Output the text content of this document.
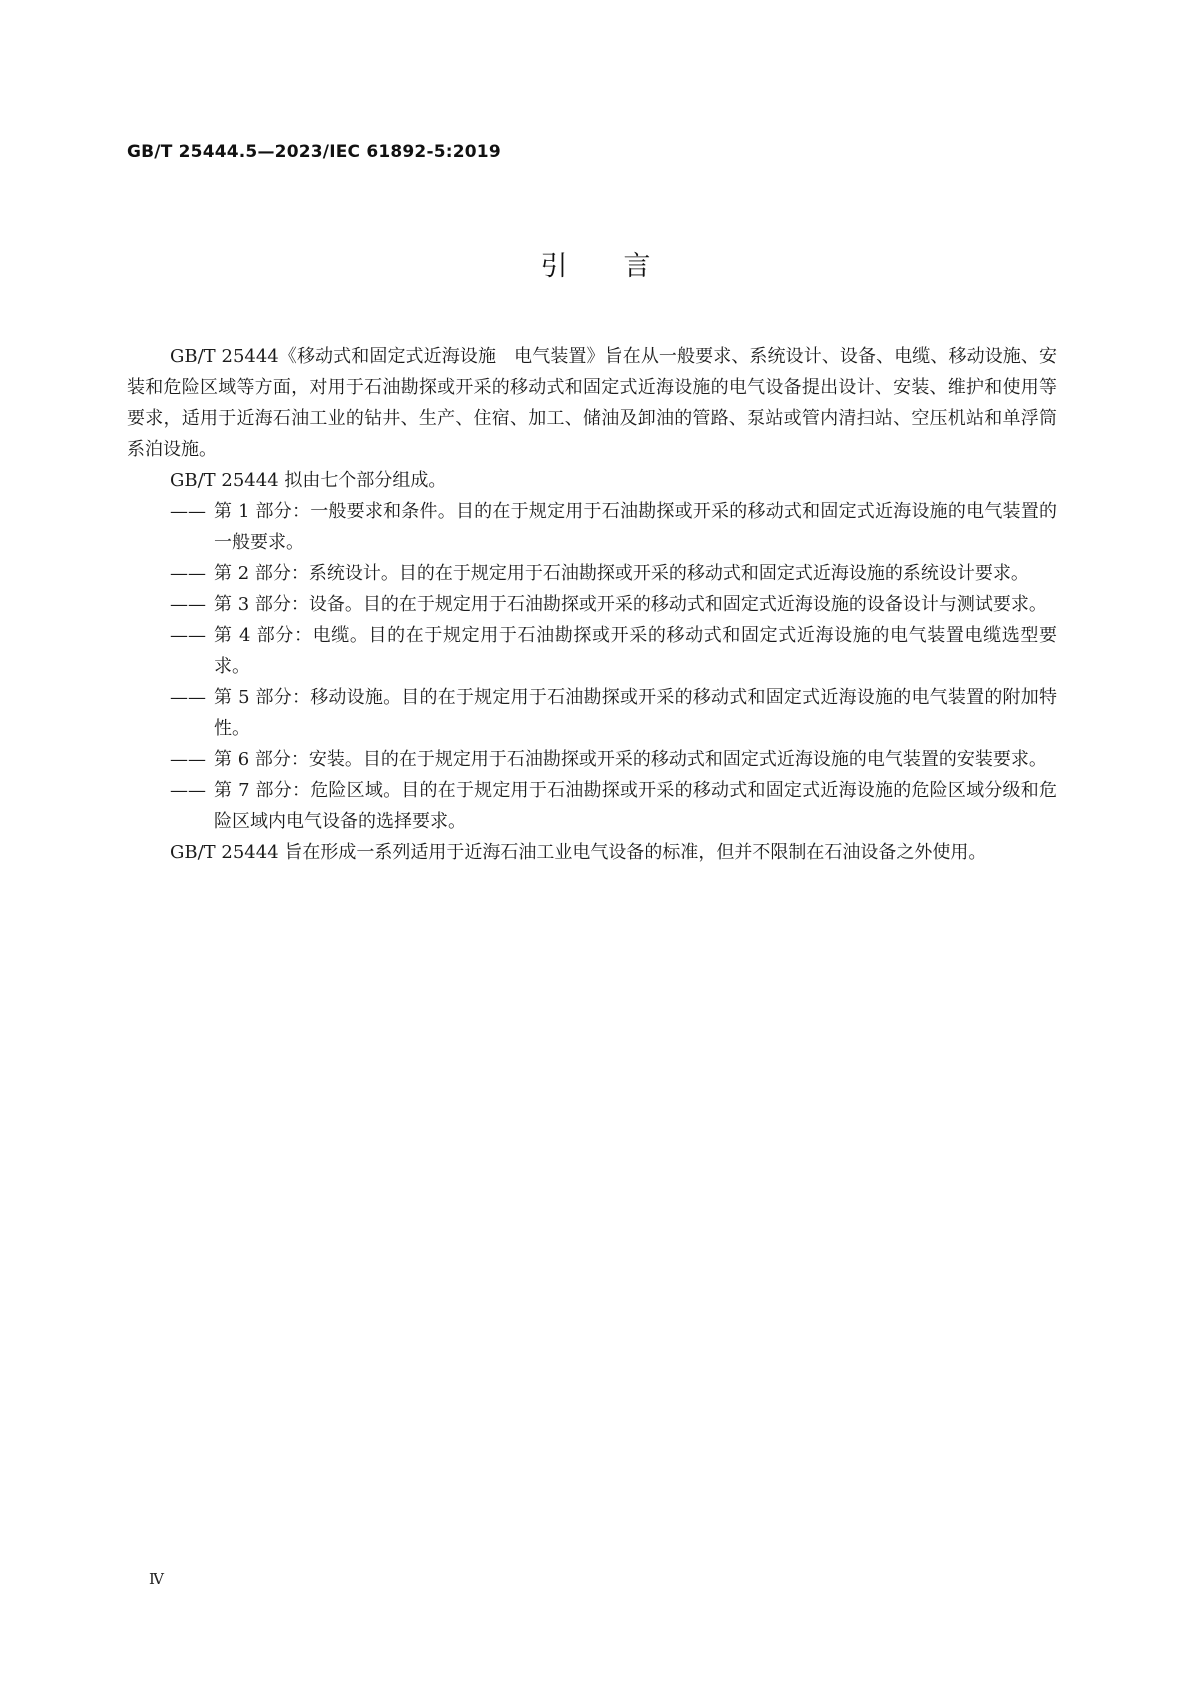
GB/T 25444.5—2023/IEC 61892-5:2019
引言

GB/T 25444《移动式和固定式近海设施　电气装置》旨在从一般要求、系统设计、设备、电缆、移动设施、安装和危险区域等方面，对用于石油勘探或开采的移动式和固定式近海设施的电气设备提出设计、安装、维护和使用等要求，适用于近海石油工业的钻井、生产、住宿、加工、储油及卸油的管路、泵站或管内清扫站、空压机站和单浮筒系泊设施。

GB/T 25444 拟由七个部分组成。

—— 第 1 部分：一般要求和条件。目的在于规定用于石油勘探或开采的移动式和固定式近海设施的电气装置的一般要求。

—— 第 2 部分：系统设计。目的在于规定用于石油勘探或开采的移动式和固定式近海设施的系统设计要求。

—— 第 3 部分：设备。目的在于规定用于石油勘探或开采的移动式和固定式近海设施的设备设计与测试要求。

—— 第 4 部分：电缆。目的在于规定用于石油勘探或开采的移动式和固定式近海设施的电气装置电缆选型要求。

—— 第 5 部分：移动设施。目的在于规定用于石油勘探或开采的移动式和固定式近海设施的电气装置的附加特性。

—— 第 6 部分：安装。目的在于规定用于石油勘探或开采的移动式和固定式近海设施的电气装置的安装要求。

—— 第 7 部分：危险区域。目的在于规定用于石油勘探或开采的移动式和固定式近海设施的危险区域分级和危险区域内电气设备的选择要求。

GB/T 25444 旨在形成一系列适用于近海石油工业电气设备的标准，但并不限制在石油设备之外使用。

Ⅳ
